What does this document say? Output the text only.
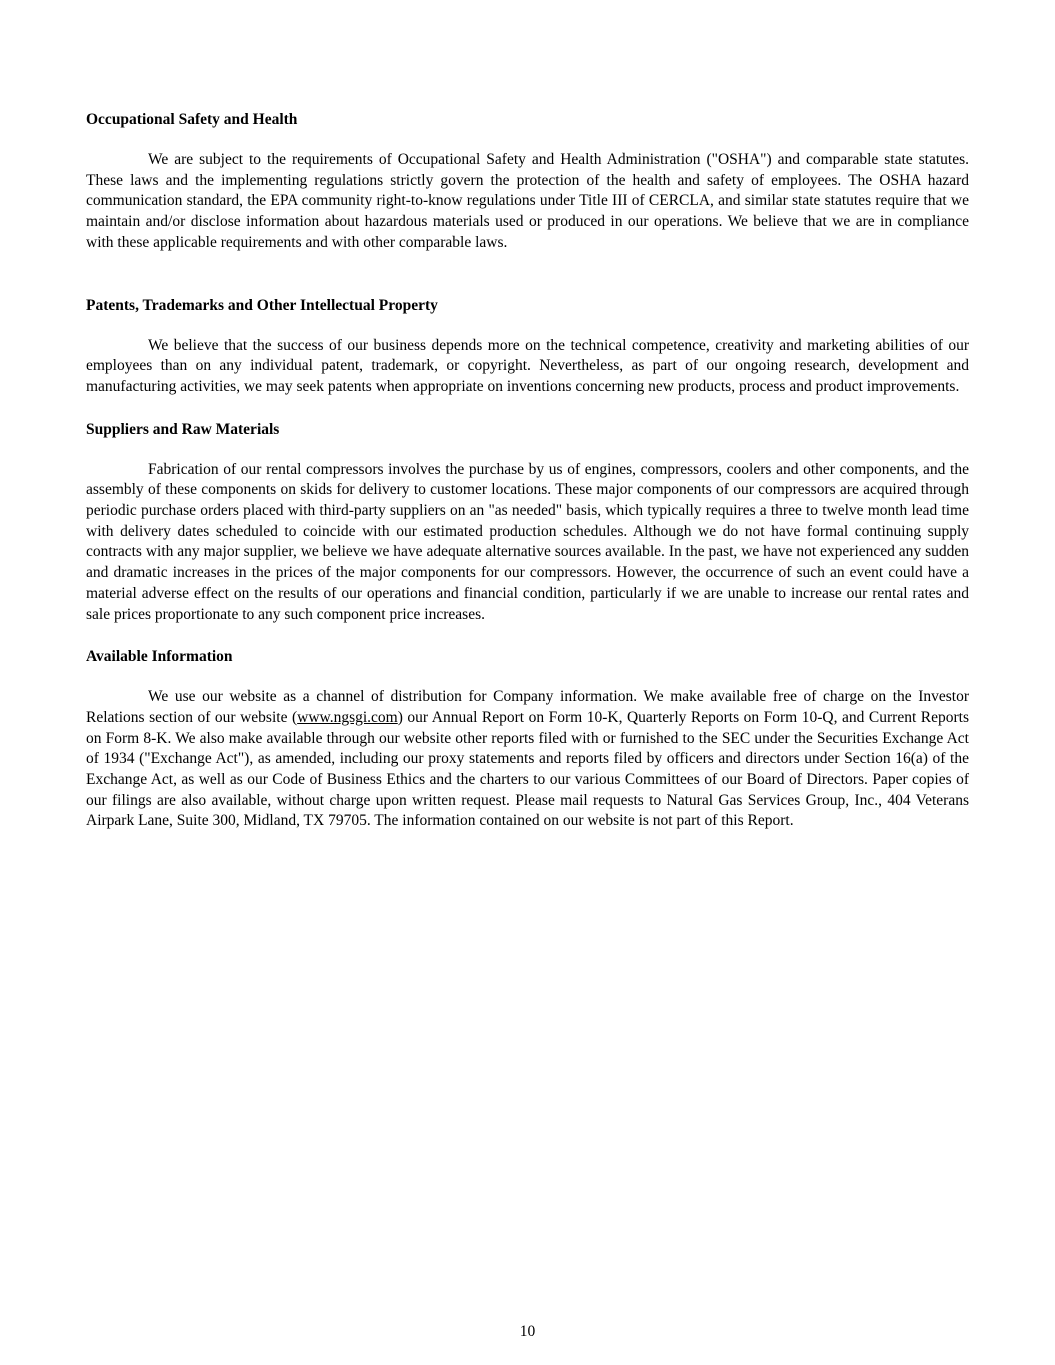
Occupational Safety and Health

We are subject to the requirements of Occupational Safety and Health Administration ("OSHA") and comparable state statutes. These laws and the implementing regulations strictly govern the protection of the health and safety of employees. The OSHA hazard communication standard, the EPA community right-to-know regulations under Title III of CERCLA, and similar state statutes require that we maintain and/or disclose information about hazardous materials used or produced in our operations. We believe that we are in compliance with these applicable requirements and with other comparable laws.

Patents, Trademarks and Other Intellectual Property

We believe that the success of our business depends more on the technical competence, creativity and marketing abilities of our employees than on any individual patent, trademark, or copyright. Nevertheless, as part of our ongoing research, development and manufacturing activities, we may seek patents when appropriate on inventions concerning new products, process and product improvements.

Suppliers and Raw Materials

Fabrication of our rental compressors involves the purchase by us of engines, compressors, coolers and other components, and the assembly of these components on skids for delivery to customer locations. These major components of our compressors are acquired through periodic purchase orders placed with third-party suppliers on an "as needed" basis, which typically requires a three to twelve month lead time with delivery dates scheduled to coincide with our estimated production schedules. Although we do not have formal continuing supply contracts with any major supplier, we believe we have adequate alternative sources available. In the past, we have not experienced any sudden and dramatic increases in the prices of the major components for our compressors. However, the occurrence of such an event could have a material adverse effect on the results of our operations and financial condition, particularly if we are unable to increase our rental rates and sale prices proportionate to any such component price increases.

Available Information

We use our website as a channel of distribution for Company information. We make available free of charge on the Investor Relations section of our website (www.ngsgi.com) our Annual Report on Form 10-K, Quarterly Reports on Form 10-Q, and Current Reports on Form 8-K. We also make available through our website other reports filed with or furnished to the SEC under the Securities Exchange Act of 1934 ("Exchange Act"), as amended, including our proxy statements and reports filed by officers and directors under Section 16(a) of the Exchange Act, as well as our Code of Business Ethics and the charters to our various Committees of our Board of Directors. Paper copies of our filings are also available, without charge upon written request. Please mail requests to Natural Gas Services Group, Inc., 404 Veterans Airpark Lane, Suite 300, Midland, TX 79705. The information contained on our website is not part of this Report.

10
